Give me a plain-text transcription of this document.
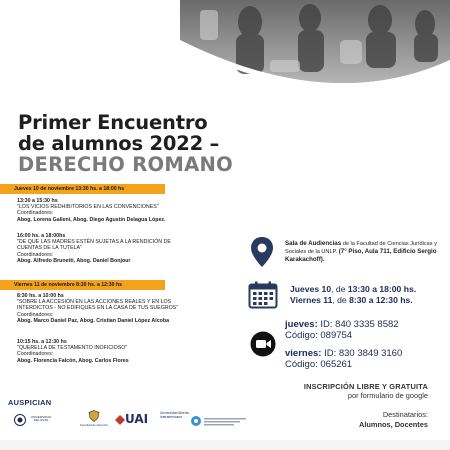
Primer Encuentro
de alumnos 2022 –
DERECHO ROMANO
Jueves 10 de noviembre 13:30 hs. a 18:00 hs
13:30 a 15:30 hs
"LOS VICIOS REDHIBITORIOS EN LAS CONVENCIONES"
Coordinadores:
Abog. Lorena Galleni, Abog. Diego Agustín Delagua López.
16:00 hs. a 18:00hs
"DE QUE LAS MADRES ESTÉN SUJETAS A LA RENDICIÓN DE CUENTAS DE LA TUTELA"
Coordinadores:
Abog. Alfredo Brunetti, Abog. Daniel Bonjour
Viernes 11 de noviembre 8:30 hs. a 12:30 hs
8:30 hs. a 10:00 hs
"SOBRE LA ACCESIÓN EN LAS ACCIONES REALES Y EN LOS INTERDICTOS - NO EDIFIQUES EN LA CASA DE TUS SUEGROS"
Coordinadores:
Abog. Marco Daniel Paz, Abog. Cristian Daniel López Alcoba
10:15 hs. a 12:30 hs
"QUERELLA DE TESTAMENTO INOFICIOSO"
Coordinadores:
Abog. Florencia Falcón, Abog. Carlos Flores
Sala de Audiencias de la Facultad de Ciencias Jurídicas y Sociales de la UNLP. (7° Piso, Aula 711, Edificio Sergio Karakachoff).
Jueves 10, de 13:30 a 18:00 hs.
Viernes 11, de 8:30 a 12:30 hs.
jueves: ID: 840 3335 8582
Código: 089754
viernes: ID: 830 3849 3160
Código: 065261
INSCRIPCIÓN LIBRE Y GRATUITA
por formulario de google
Destinatarios:
Alumnos, Docentes
AUSPICIAN
UNIVERSIDAD DEL ESTE
Facultad de Derecho	UAI	Universidad Abierta Interamericana
